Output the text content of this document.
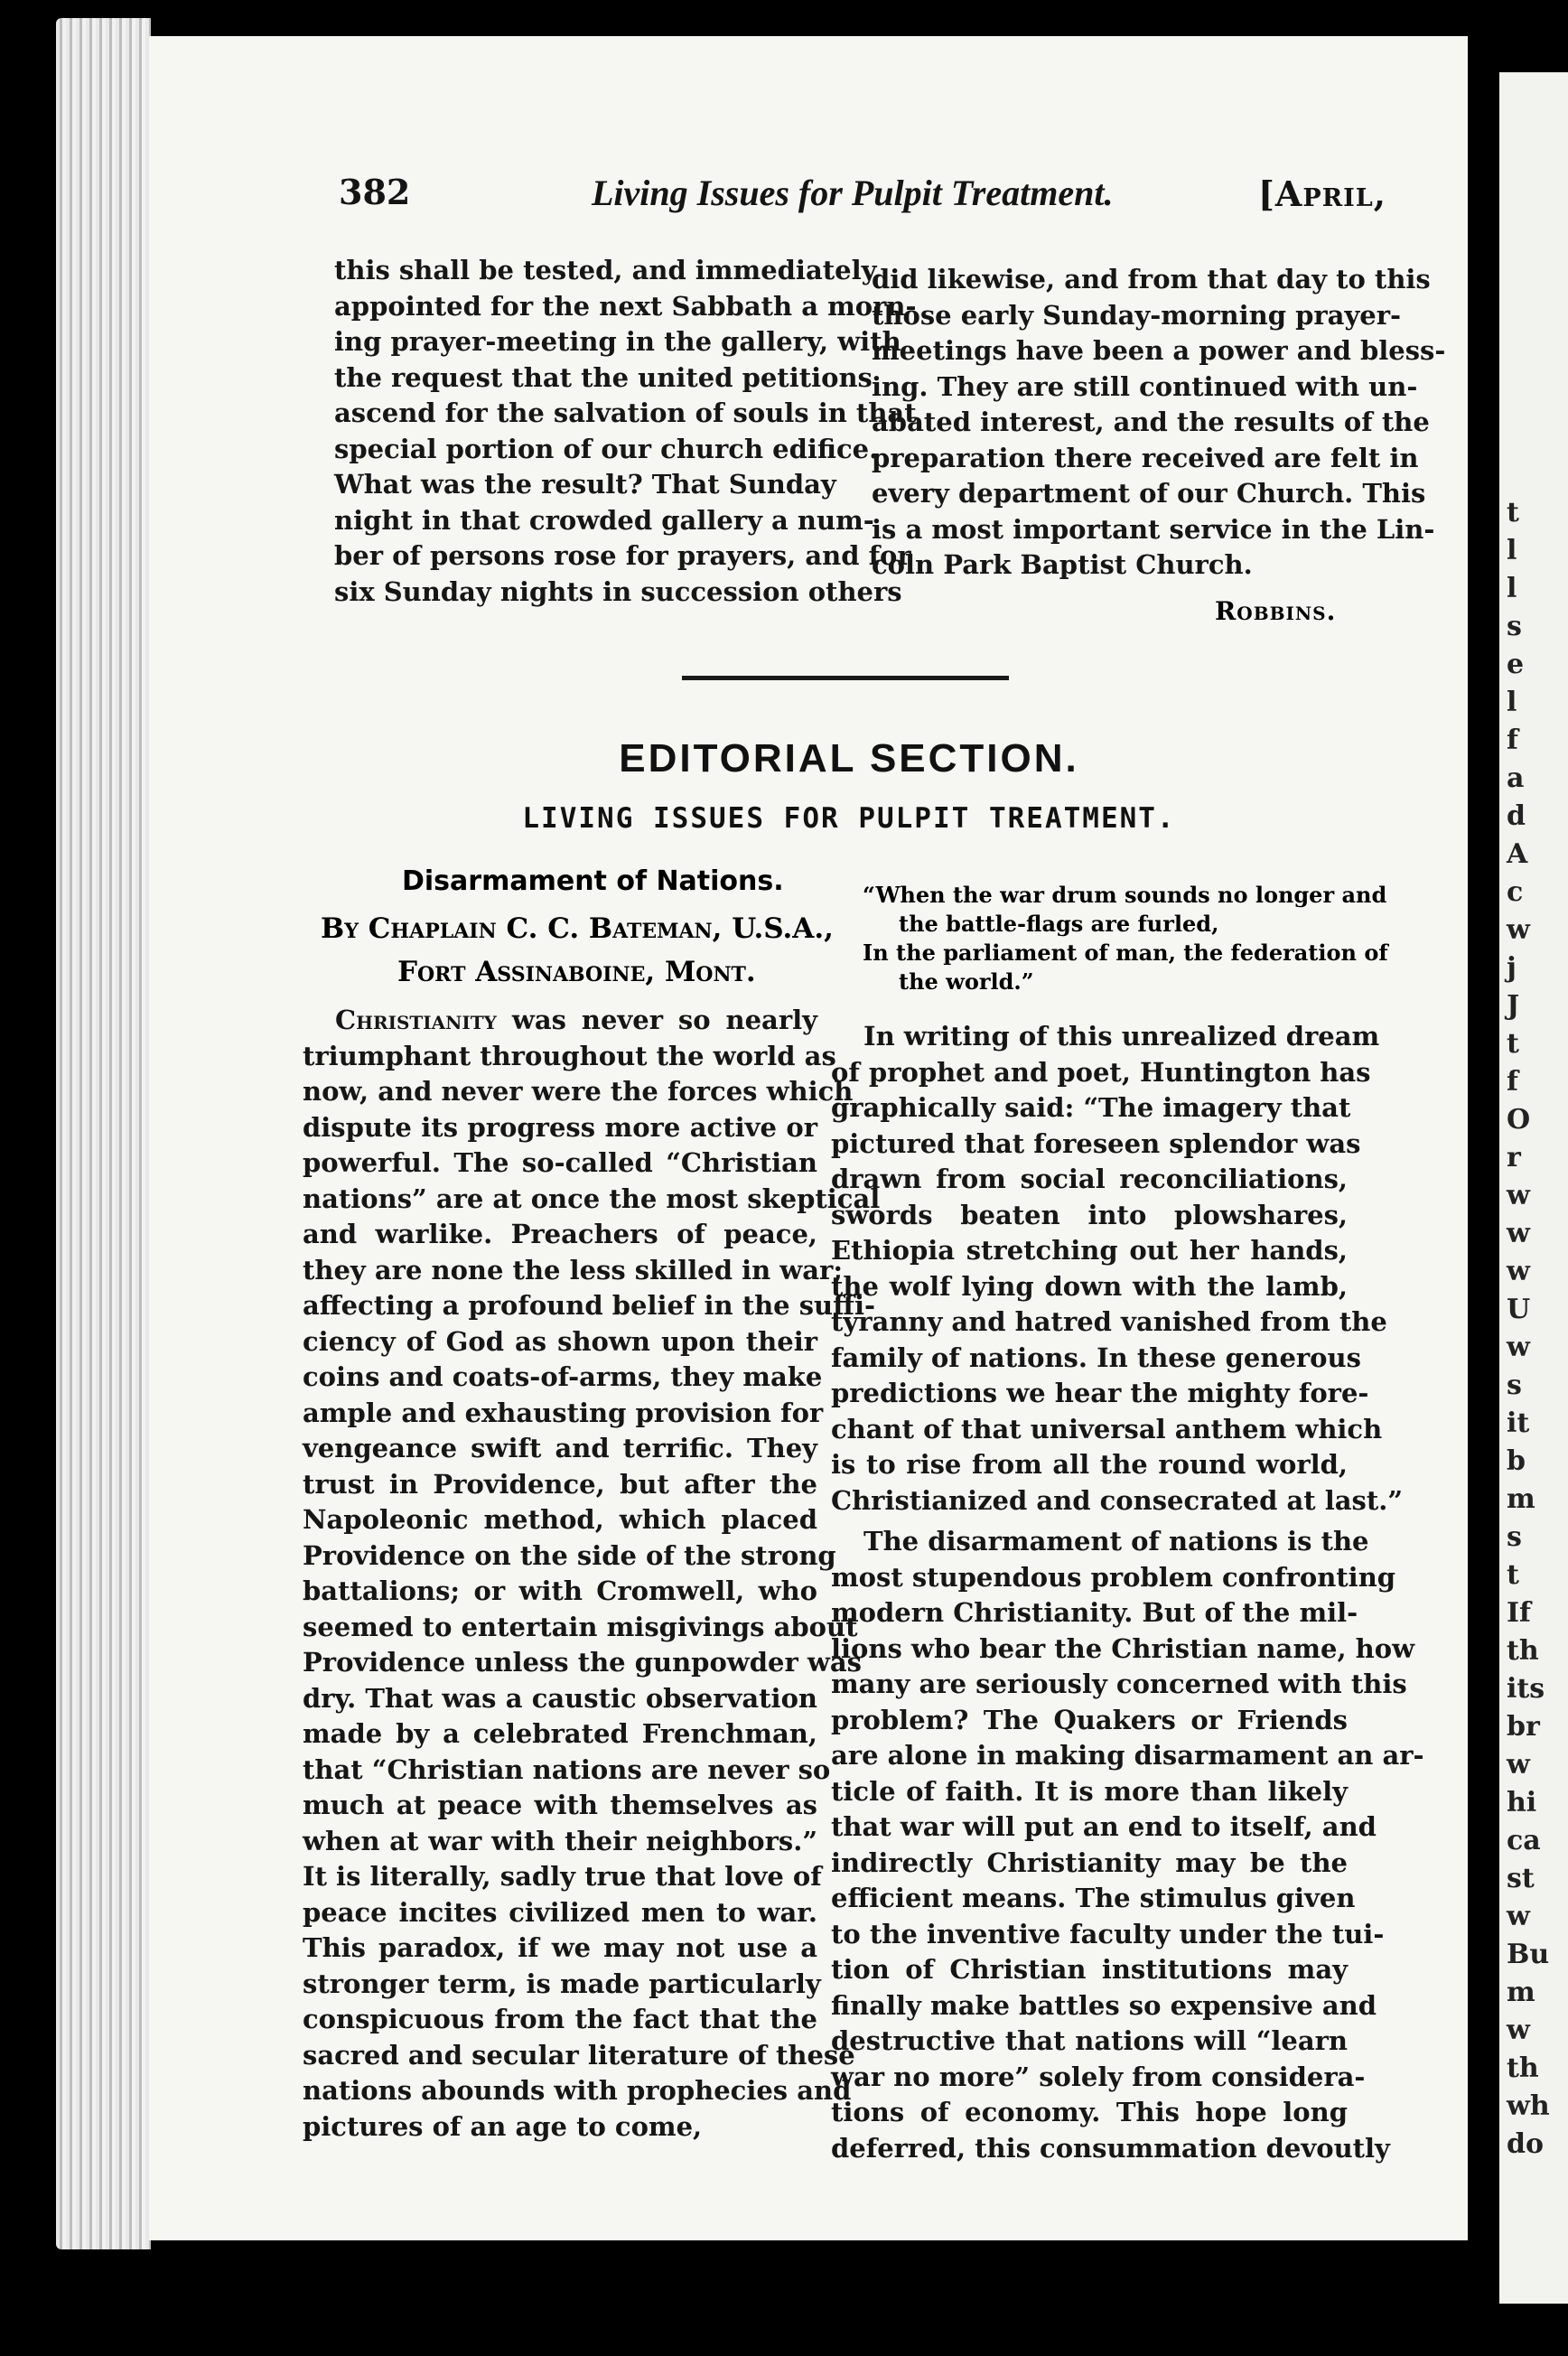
t
l
l
s
e
l
f
a
d
A
c
w
j
J
t
f
O
r
w
w
w
U
w
s
it
b
m
s
t
If
th
its
br
w
hi
ca
st
w
Bu
m
w
th
wh
do
382	Living Issues for Pulpit Treatment.	[April,
this shall be tested, and immediately
appointed for the next Sabbath a morn-
ing prayer-meeting in the gallery, with
the request that the united petitions
ascend for the salvation of souls in that
special portion of our church edifice.
What was the result? That Sunday
night in that crowded gallery a num-
ber of persons rose for prayers, and for
six Sunday nights in succession others
did likewise, and from that day to this
those early Sunday-morning prayer-
meetings have been a power and bless-
ing. They are still continued with un-
abated interest, and the results of the
preparation there received are felt in
every department of our Church. This
is a most important service in the Lin-
coln Park Baptist Church.
Robbins.
EDITORIAL SECTION.
LIVING ISSUES FOR PULPIT TREATMENT.
Disarmament of Nations.
By Chaplain C. C. Bateman, U.S.A.,
Fort Assinaboine, Mont.
“When the war drum sounds no longer and
the battle-flags are furled,
In the parliament of man, the federation of
the world.”
Christianity was never so nearly
triumphant throughout the world as
now, and never were the forces which
dispute its progress more active or
powerful. The so-called “Christian
nations” are at once the most skeptical
and warlike. Preachers of peace,
they are none the less skilled in war;
affecting a profound belief in the suffi-
ciency of God as shown upon their
coins and coats-of-arms, they make
ample and exhausting provision for
vengeance swift and terrific. They
trust in Providence, but after the
Napoleonic method, which placed
Providence on the side of the strong
battalions; or with Cromwell, who
seemed to entertain misgivings about
Providence unless the gunpowder was
dry. That was a caustic observation
made by a celebrated Frenchman,
that “Christian nations are never so
much at peace with themselves as
when at war with their neighbors.”
It is literally, sadly true that love of
peace incites civilized men to war.
This paradox, if we may not use a
stronger term, is made particularly
conspicuous from the fact that the
sacred and secular literature of these
nations abounds with prophecies and
pictures of an age to come,
In writing of this unrealized dream
of prophet and poet, Huntington has
graphically said: “The imagery that
pictured that foreseen splendor was
drawn from social reconciliations,
swords beaten into plowshares,
Ethiopia stretching out her hands,
the wolf lying down with the lamb,
tyranny and hatred vanished from the
family of nations. In these generous
predictions we hear the mighty fore-
chant of that universal anthem which
is to rise from all the round world,
Christianized and consecrated at last.”
The disarmament of nations is the
most stupendous problem confronting
modern Christianity. But of the mil-
lions who bear the Christian name, how
many are seriously concerned with this
problem? The Quakers or Friends
are alone in making disarmament an ar-
ticle of faith. It is more than likely
that war will put an end to itself, and
indirectly Christianity may be the
efficient means. The stimulus given
to the inventive faculty under the tui-
tion of Christian institutions may
finally make battles so expensive and
destructive that nations will “learn
war no more” solely from considera-
tions of economy. This hope long
deferred, this consummation devoutly
